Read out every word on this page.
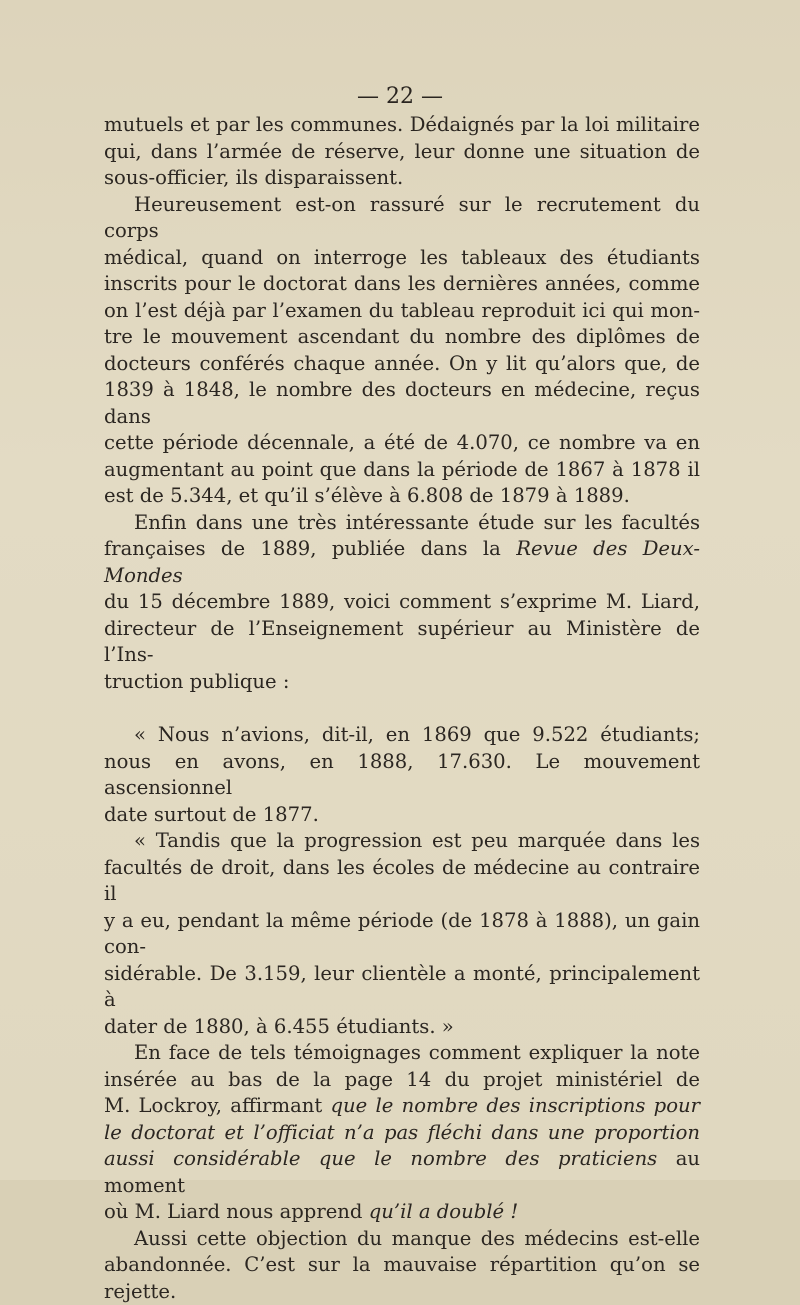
— 22 —

mutuels et par les communes. Dédaignés par la loi militaire

qui, dans l’armée de réserve, leur donne une situation de

sous-officier, ils disparaissent.

Heureusement est-on rassuré sur le recrutement du corps

médical, quand on interroge les tableaux des étudiants

inscrits pour le doctorat dans les dernières années, comme

on l’est déjà par l’examen du tableau reproduit ici qui mon-

tre le mouvement ascendant du nombre des diplômes de

docteurs conférés chaque année. On y lit qu’alors que, de

1839 à 1848, le nombre des docteurs en médecine, reçus dans

cette période décennale, a été de 4.070, ce nombre va en

augmentant au point que dans la période de 1867 à 1878 il

est de 5.344, et qu’il s’élève à 6.808 de 1879 à 1889.

Enfin dans une très intéressante étude sur les facultés

françaises de 1889, publiée dans la Revue des Deux-Mondes

du 15 décembre 1889, voici comment s’exprime M. Liard,

directeur de l’Enseignement supérieur au Ministère de l’Ins-

truction publique :

« Nous n’avions, dit-il, en 1869 que 9.522 étudiants;

nous en avons, en 1888, 17.630. Le mouvement ascensionnel

date surtout de 1877.

« Tandis que la progression est peu marquée dans les

facultés de droit, dans les écoles de médecine au contraire il

y a eu, pendant la même période (de 1878 à 1888), un gain con-

sidérable. De 3.159, leur clientèle a monté, principalement à

dater de 1880, à 6.455 étudiants. »

En face de tels témoignages comment expliquer la note

insérée au bas de la page 14 du projet ministériel de

M. Lockroy, affirmant que le nombre des inscriptions pour

le doctorat et l’officiat n’a pas fléchi dans une proportion

aussi considérable que le nombre des praticiens au moment

où M. Liard nous apprend qu’il a doublé !

Aussi cette objection du manque des médecins est-elle

abandonnée. C’est sur la mauvaise répartition qu’on se

rejette.
